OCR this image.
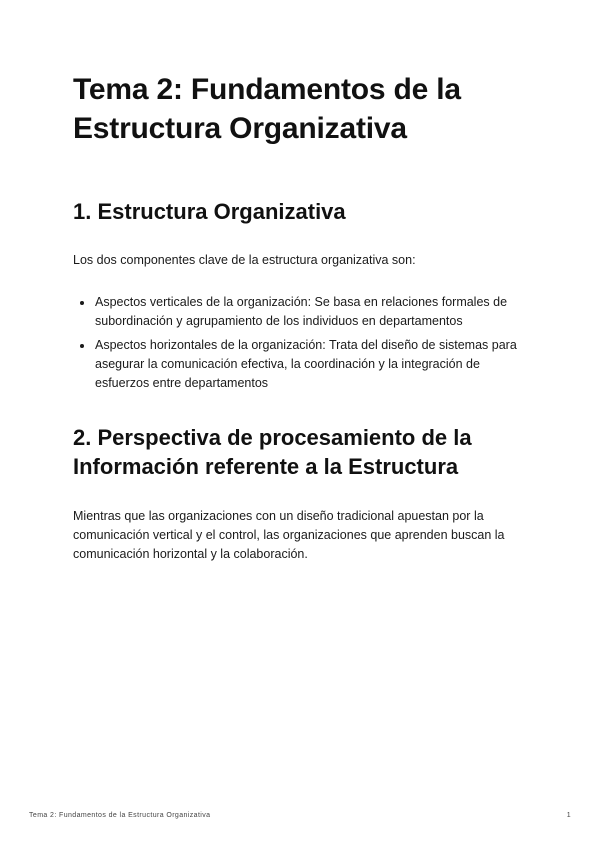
Tema 2: Fundamentos de la Estructura Organizativa
1. Estructura Organizativa

Los dos componentes clave de la estructura organizativa son:

Aspectos verticales de la organización: Se basa en relaciones formales de subordinación y agrupamiento de los individuos en departamentos
Aspectos horizontales de la organización: Trata del diseño de sistemas para asegurar la comunicación efectiva, la coordinación y la integración de esfuerzos entre departamentos
2. Perspectiva de procesamiento de la Información referente a la Estructura

Mientras que las organizaciones con un diseño tradicional apuestan por la comunicación vertical y el control, las organizaciones que aprenden buscan la comunicación horizontal y la colaboración.

Tema 2: Fundamentos de la Estructura Organizativa	1
